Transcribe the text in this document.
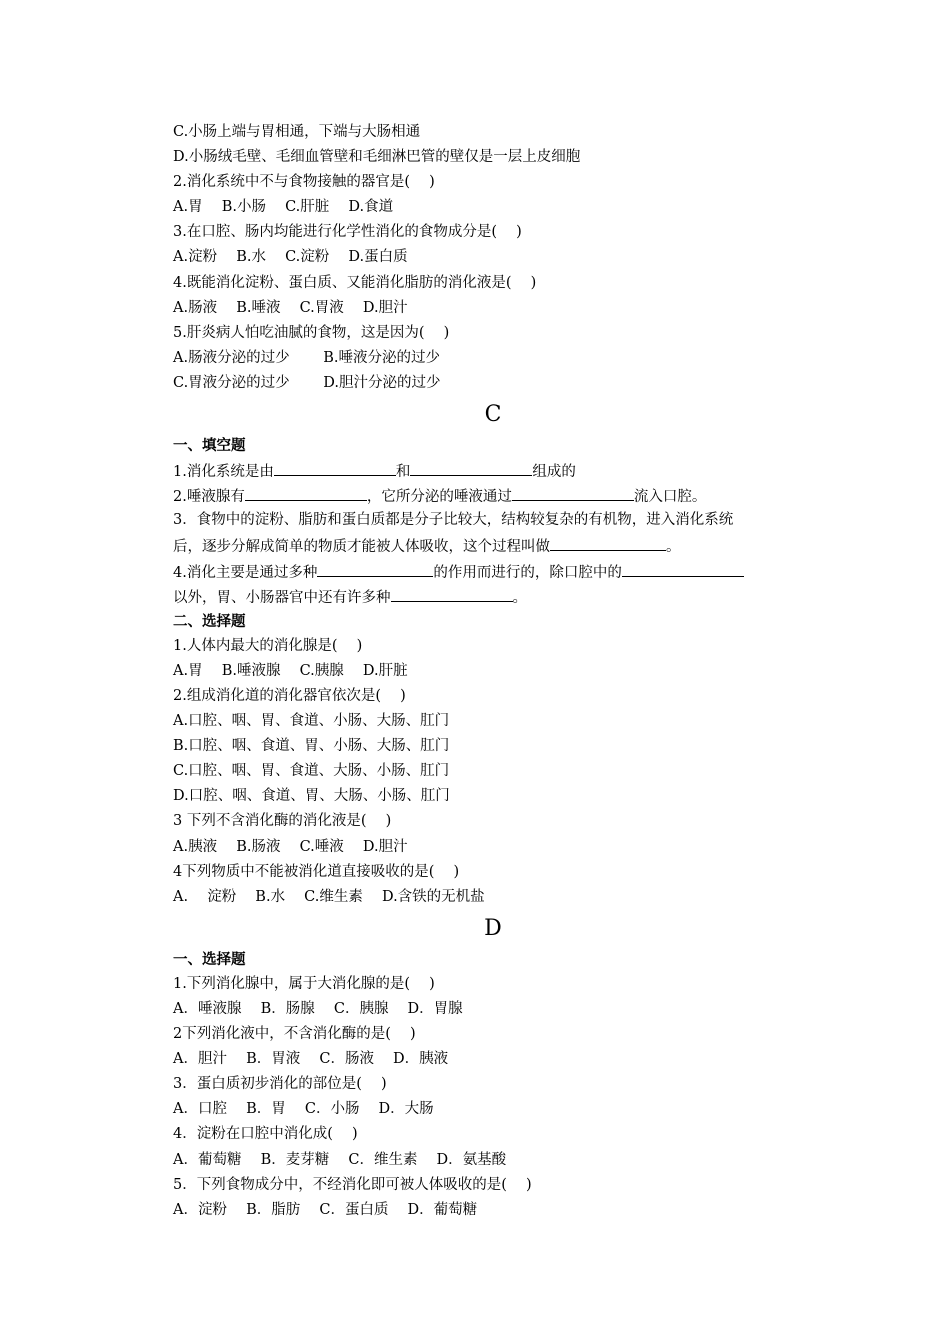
C.小肠上端与胃相通，下端与大肠相通
D.小肠绒毛壁、毛细血管壁和毛细淋巴管的壁仅是一层上皮细胞
2.消化系统中不与食物接触的器官是(　 )
A.胃　 B.小肠　 C.肝脏　 D.食道
3.在口腔、肠内均能进行化学性消化的食物成分是(　 )
A.淀粉　 B.水　 C.淀粉　 D.蛋白质
4.既能消化淀粉、蛋白质、又能消化脂肪的消化液是(　 )
A.肠液　 B.唾液　 C.胃液　 D.胆汁
5.肝炎病人怕吃油腻的食物，这是因为(　 )
A.肠液分泌的过少　　 B.唾液分泌的过少
C.胃液分泌的过少　　 D.胆汁分泌的过少
C
一、填空题
1.消化系统是由	和	组成的
2.唾液腺有	，它所分泌的唾液通过	流入口腔。
3．食物中的淀粉、脂肪和蛋白质都是分子比较大，结构较复杂的有机物，进入消化系统
后，逐步分解成简单的物质才能被人体吸收，这个过程叫做	。
4.消化主要是通过多种	的作用而进行的，除口腔中的
以外，胃、小肠器官中还有许多种	。
二、选择题
1.人体内最大的消化腺是(　 )
A.胃　 B.唾液腺　 C.胰腺　 D.肝脏
2.组成消化道的消化器官依次是(　 )
A.口腔、咽、胃、食道、小肠、大肠、肛门
B.口腔、咽、食道、胃、小肠、大肠、肛门
C.口腔、咽、胃、食道、大肠、小肠、肛门
D.口腔、咽、食道、胃、大肠、小肠、肛门
3 下列不含消化酶的消化液是(　 )
A.胰液　 B.肠液　 C.唾液　 D.胆汁
4下列物质中不能被消化道直接吸收的是(　 )
A.　 淀粉　 B.水　 C.维生素　 D.含铁的无机盐
D
一、选择题
1.下列消化腺中，属于大消化腺的是(　 )
A．唾液腺　 B．肠腺　 C．胰腺　 D．胃腺
2下列消化液中，不含消化酶的是(　 )
A．胆汁　 B．胃液　 C．肠液　 D．胰液
3．蛋白质初步消化的部位是(　 )
A．口腔　 B．胃　 C．小肠　 D．大肠
4．淀粉在口腔中消化成(　 )
A．葡萄糖　 B．麦芽糖　 C．维生素　 D．氨基酸
5．下列食物成分中，不经消化即可被人体吸收的是(　 )
A．淀粉　 B．脂肪　 C．蛋白质　 D．葡萄糖
